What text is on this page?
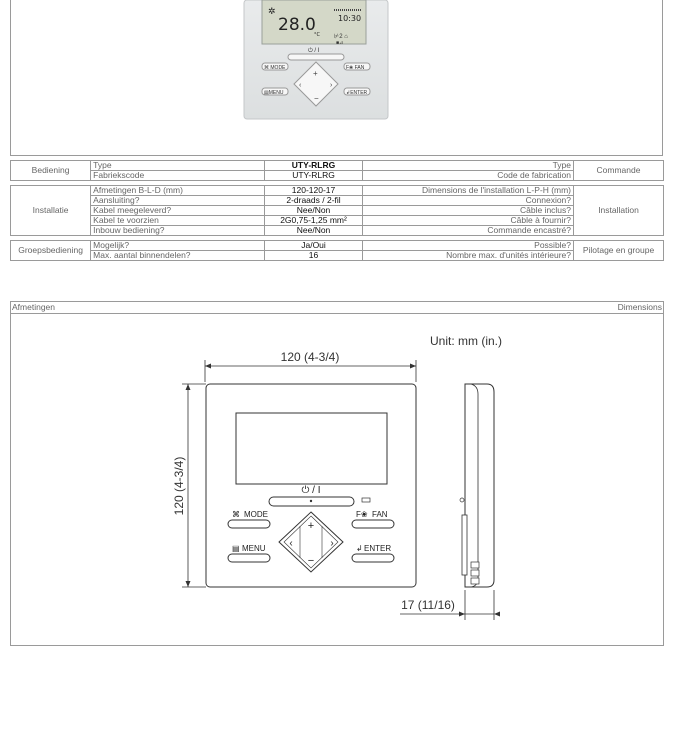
28.0
°C
✲
10:30
⊬2 ⌂
■⊿
⏻ / I
⌘ MODE	F❀ FAN
▤MENU	↲ENTER
+
−
‹	›
Bediening	Type	UTY-RLRG	Type	Commande
	Fabriekscode	UTY-RLRG	Code de fabrication	

Installatie	Afmetingen B-L-D (mm)	120-120-17	Dimensions de l'installation L-P-H (mm)	Installation
	Aansluiting?	2-draads / 2-fil	Connexion?	
	Kabel meegeleverd?	Nee/Non	Câble inclus?	
	Kabel te voorzien	2G0,75-1,25 mm²	Câble à fournir?	
	Inbouw bediening?	Nee/Non	Commande encastré?	

Groepsbediening	Mogelijk?	Ja/Oui	Possible?	Pilotage en groupe
	Max. aantal binnendelen?	16	Nombre max. d'unités intérieure?	
Afmetingen	Dimensions
Unit: mm (in.)
120 (4-3/4)
120 (4-3/4)	⏻ / I
⌘ MODE	F❀ FAN
▤ MENU	↲ ENTER
+
−
‹	›
17 (11/16)
